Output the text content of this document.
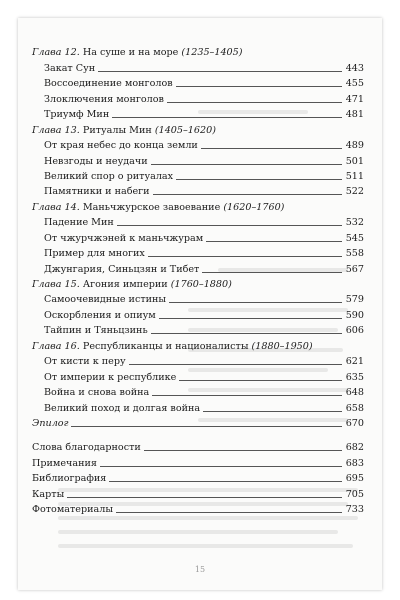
Глава 12.
На суше и на море
(1235–1405)
Закат Сун	443
Воссоединение монголов	455
Злоключения монголов	471
Триумф Мин	481
Глава 13.
Ритуалы Мин
(1405–1620)
От края небес до конца земли	489
Невзгоды и неудачи	501
Великий спор о ритуалах	511
Памятники и набеги	522
Глава 14.
Маньчжурское завоевание
(1620–1760)
Падение Мин	532
От чжурчжэней к маньчжурам	545
Пример для многих	558
Джунгария, Синьцзян и Тибет	567
Глава 15.
Агония империи
(1760–1880)
Самоочевидные истины	579
Оскорбления и опиум	590
Тайпин и Тяньцзинь	606
Глава 16.
Республиканцы и националисты
(1880–1950)
От кисти к перу	621
От империи к республике	635
Война и снова война	648
Великий поход и долгая война	658
Эпилог	670
Слова благодарности	682
Примечания	683
Библиография	695
Карты	705
Фотоматериалы	733
15
